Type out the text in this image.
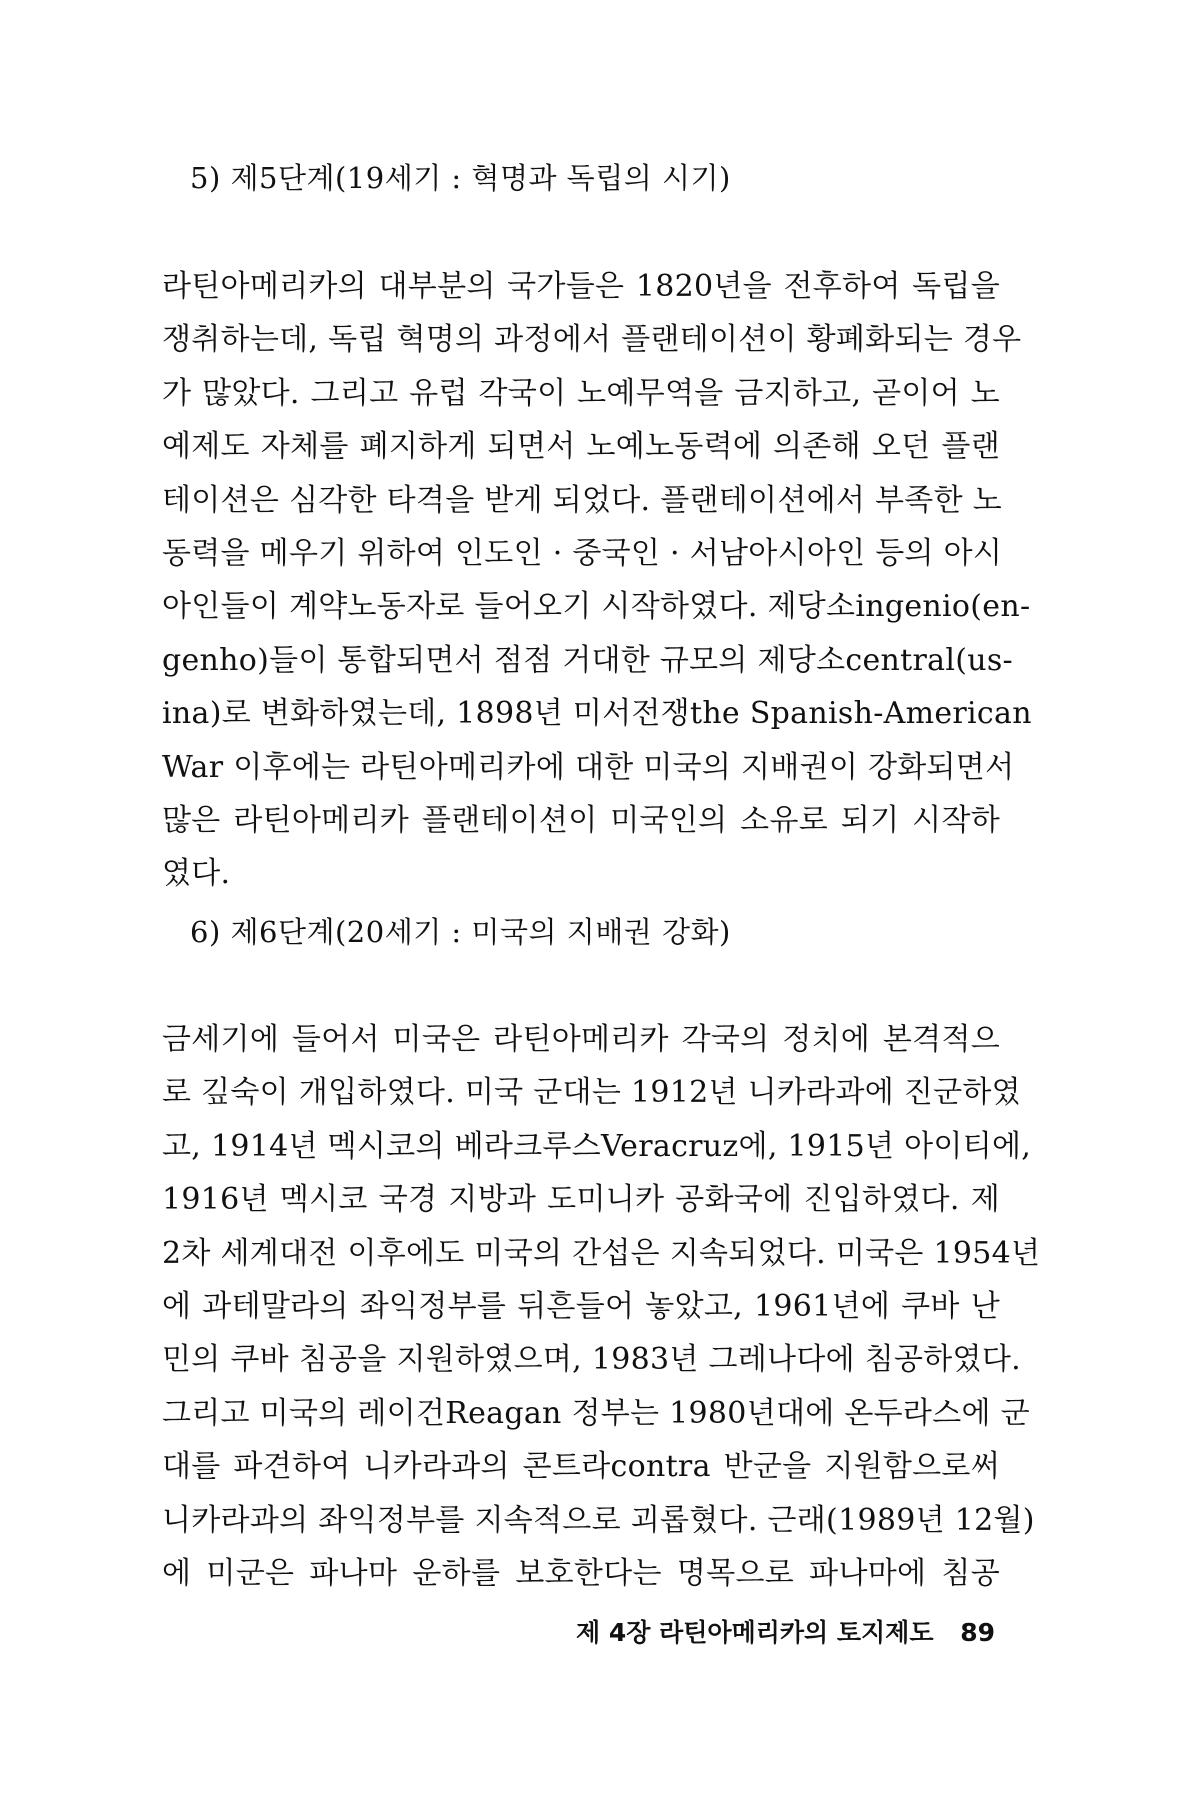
5) 제5단계(19세기 : 혁명과 독립의 시기)
라틴아메리카의 대부분의 국가들은 1820년을 전후하여 독립을
쟁취하는데, 독립 혁명의 과정에서 플랜테이션이 황폐화되는 경우
가 많았다. 그리고 유럽 각국이 노예무역을 금지하고, 곧이어 노
예제도 자체를 폐지하게 되면서 노예노동력에 의존해 오던 플랜
테이션은 심각한 타격을 받게 되었다. 플랜테이션에서 부족한 노
동력을 메우기 위하여 인도인 · 중국인 · 서남아시아인 등의 아시
아인들이 계약노동자로 들어오기 시작하였다. 제당소ingenio(en-
genho)들이 통합되면서 점점 거대한 규모의 제당소central(us-
ina)로 변화하였는데, 1898년 미서전쟁the Spanish-American
War 이후에는 라틴아메리카에 대한 미국의 지배권이 강화되면서
많은 라틴아메리카 플랜테이션이 미국인의 소유로 되기 시작하
였다.
6) 제6단계(20세기 : 미국의 지배권 강화)
금세기에 들어서 미국은 라틴아메리카 각국의 정치에 본격적으
로 깊숙이 개입하였다. 미국 군대는 1912년 니카라과에 진군하였
고, 1914년 멕시코의 베라크루스Veracruz에, 1915년 아이티에,
1916년 멕시코 국경 지방과 도미니카 공화국에 진입하였다. 제
2차 세계대전 이후에도 미국의 간섭은 지속되었다. 미국은 1954년
에 과테말라의 좌익정부를 뒤흔들어 놓았고, 1961년에 쿠바 난
민의 쿠바 침공을 지원하였으며, 1983년 그레나다에 침공하였다.
그리고 미국의 레이건Reagan 정부는 1980년대에 온두라스에 군
대를 파견하여 니카라과의 콘트라contra 반군을 지원함으로써
니카라과의 좌익정부를 지속적으로 괴롭혔다. 근래(1989년 12월)
에 미군은 파나마 운하를 보호한다는 명목으로 파나마에 침공
제 4장 라틴아메리카의 토지제도 89
